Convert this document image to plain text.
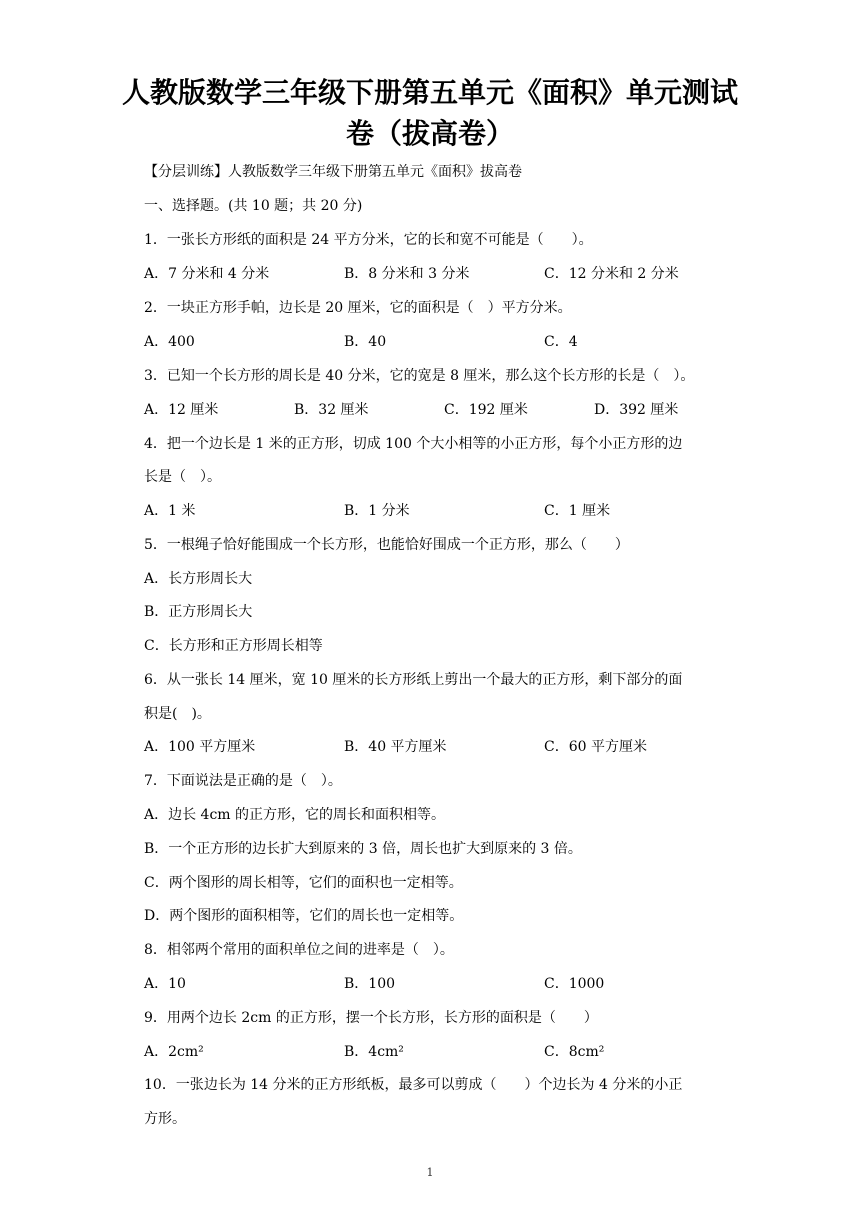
人教版数学三年级下册第五单元《面积》单元测试
卷（拔高卷）
【分层训练】人教版数学三年级下册第五单元《面积》拔高卷
一、选择题。(共 10 题；共 20 分)
1．一张长方形纸的面积是 24 平方分米，它的长和宽不可能是（　　）。
A．7 分米和 4 分米	B．8 分米和 3 分米	C．12 分米和 2 分米
2．一块正方形手帕，边长是 20 厘米，它的面积是（　）平方分米。
A．400	B．40	C．4
3．已知一个长方形的周长是 40 分米，它的宽是 8 厘米，那么这个长方形的长是（　）。
A．12 厘米	B．32 厘米	C．192 厘米	D．392 厘米
4．把一个边长是 1 米的正方形，切成 100 个大小相等的小正方形，每个小正方形的边
长是（　）。
A．1 米	B．1 分米	C．1 厘米
5．一根绳子恰好能围成一个长方形，也能恰好围成一个正方形，那么（　　）
A．长方形周长大
B．正方形周长大
C．长方形和正方形周长相等
6．从一张长 14 厘米，宽 10 厘米的长方形纸上剪出一个最大的正方形，剩下部分的面
积是(　)。
A．100 平方厘米	B．40 平方厘米	C．60 平方厘米
7．下面说法是正确的是（　）。
A．边长 4cm 的正方形，它的周长和面积相等。
B．一个正方形的边长扩大到原来的 3 倍，周长也扩大到原来的 3 倍。
C．两个图形的周长相等，它们的面积也一定相等。
D．两个图形的面积相等，它们的周长也一定相等。
8．相邻两个常用的面积单位之间的进率是（　）。
A．10	B．100	C．1000
9．用两个边长 2cm 的正方形，摆一个长方形，长方形的面积是（　　）
A．2cm²	B．4cm²	C．8cm²
10．一张边长为 14 分米的正方形纸板，最多可以剪成（　　）个边长为 4 分米的小正
方形。
1
